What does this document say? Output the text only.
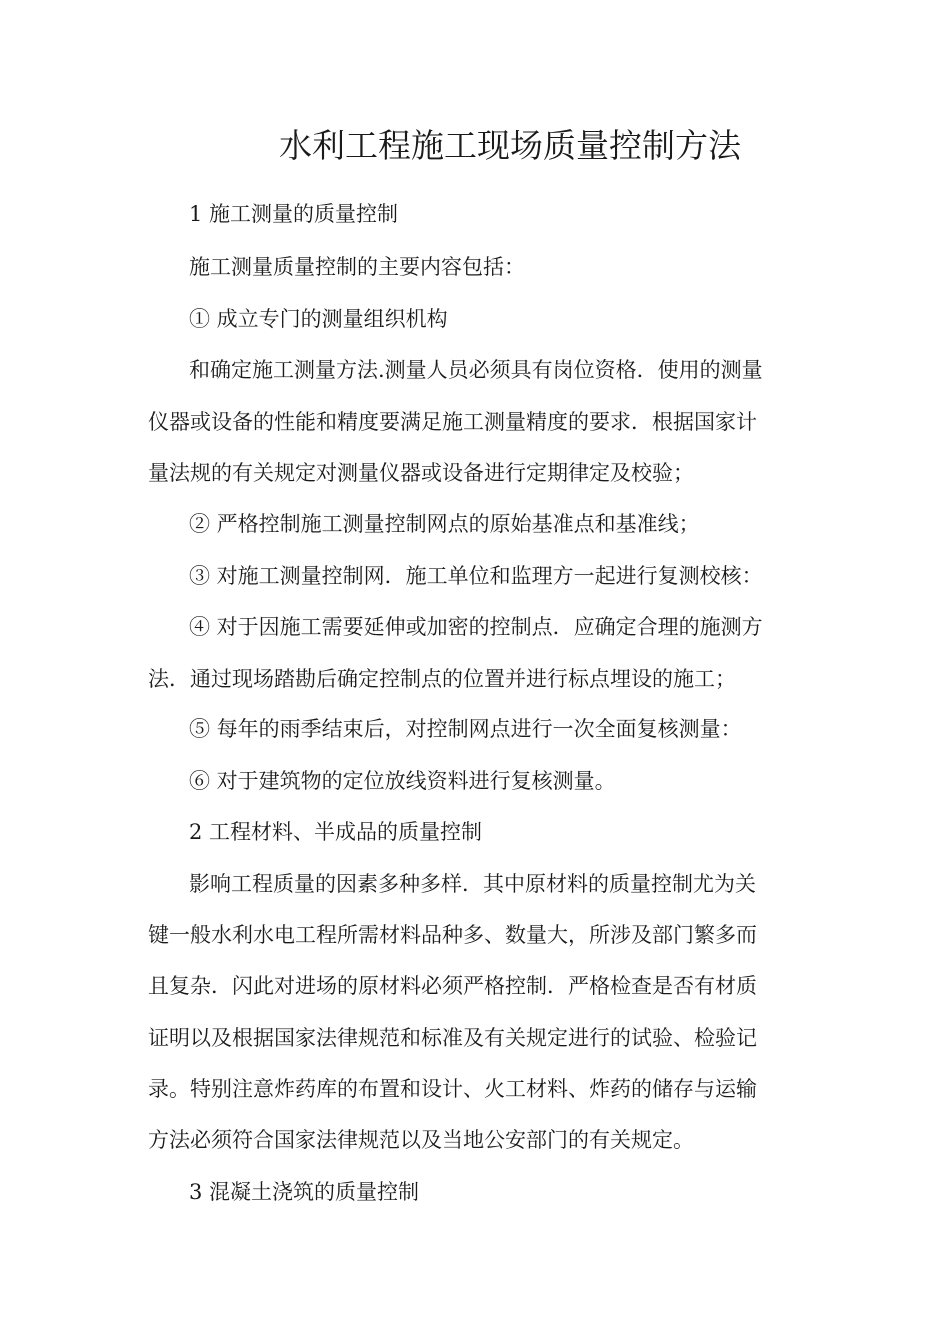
水利工程施工现场质量控制方法

1 施工测量的质量控制

施工测量质量控制的主要内容包括：

① 成立专门的测量组织机构

和确定施工测量方法.测量人员必须具有岗位资格．使用的测量

仪器或设备的性能和精度要满足施工测量精度的要求．根据国家计

量法规的有关规定对测量仪器或设备进行定期律定及校验；

② 严格控制施工测量控制网点的原始基准点和基准线；

③ 对施工测量控制网．施工单位和监理方一起进行复测校核：

④ 对于因施工需要延伸或加密的控制点．应确定合理的施测方

法．通过现场踏勘后确定控制点的位置并进行标点埋设的施工；

⑤ 每年的雨季结束后，对控制网点进行一次全面复核测量：

⑥ 对于建筑物的定位放线资料进行复核测量。

2 工程材料、半成品的质量控制

影响工程质量的因素多种多样．其中原材料的质量控制尤为关

键一般水利水电工程所需材料品种多、数量大，所涉及部门繁多而

且复杂．闪此对进场的原材料必须严格控制．严格检查是否有材质

证明以及根据国家法律规范和标准及有关规定进行的试验、检验记

录。特别注意炸药库的布置和设计、火工材料、炸药的储存与运输

方法必须符合国家法律规范以及当地公安部门的有关规定。

3 混凝土浇筑的质量控制
